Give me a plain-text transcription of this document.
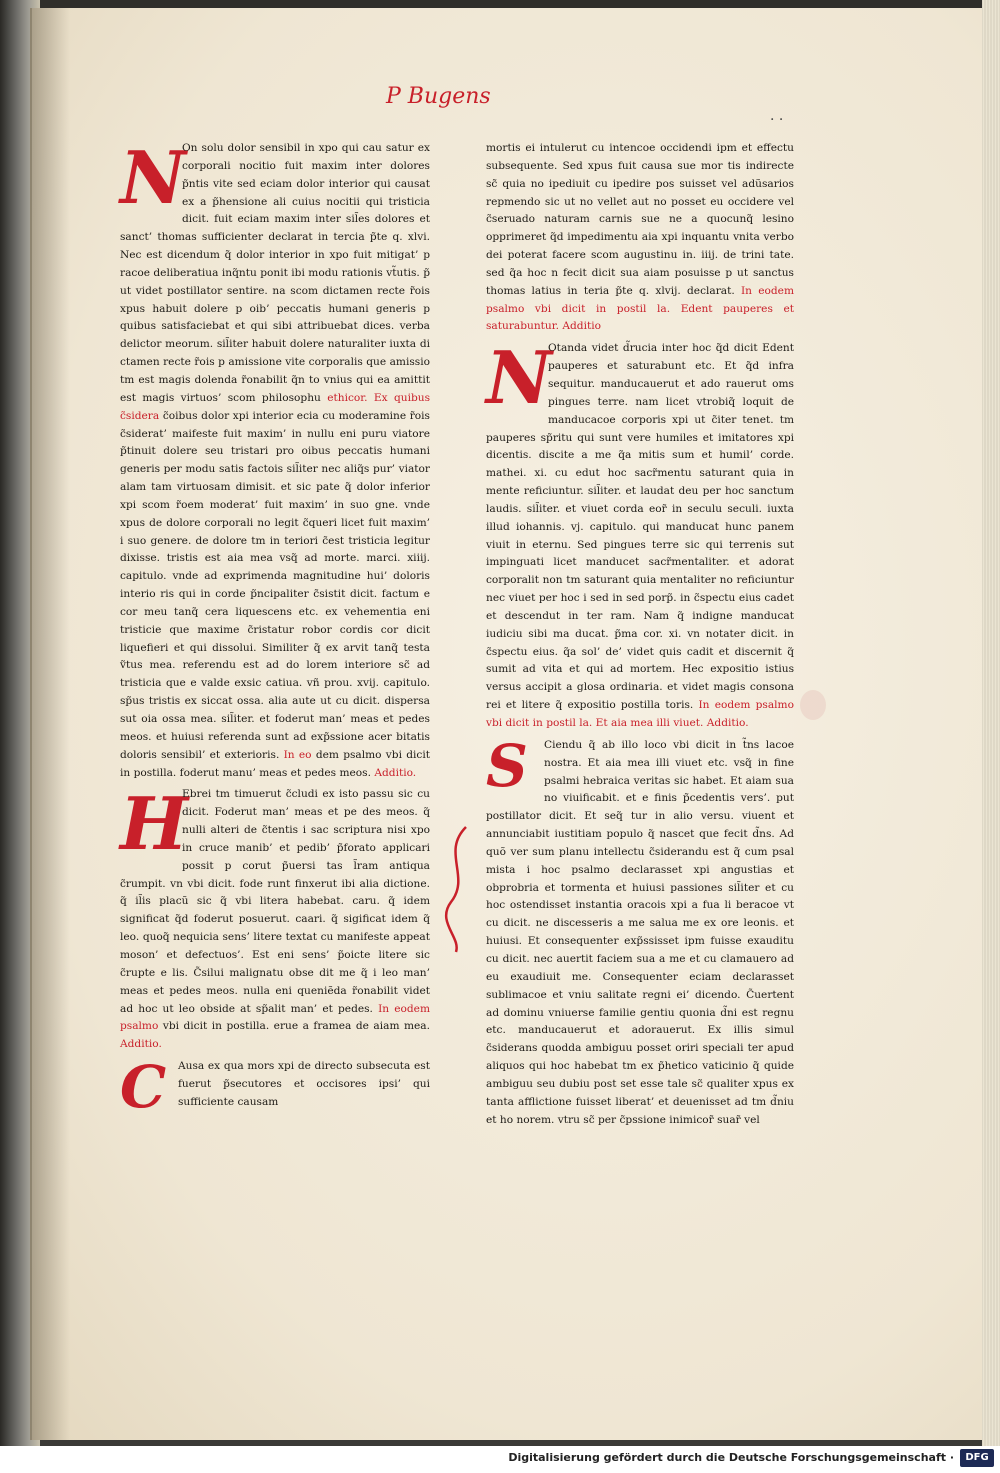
P Bugens
· ·

N
On solu dolor sensibil in xpo qui cau satur ex corporali nocitio fuit maxim inter dolores p̃ntis vite sed eciam dolor interior qui causat ex a p̃hensione ali cuius nocitii qui tristicia dicit. fuit eciam maxim inter sil̃es dolores et sanct’ thomas sufficienter declarat in tercia p̃te q. xlvi. Nec est dicendum q̃ dolor interior in xpo fuit mitigat’ p racoe deliberatiua inq̃ntu ponit ibi modu rationis vt̃utis. p̃ ut videt postillator sentire. na scom dictamen recte r̃ois xpus habuit dolere p oib’ peccatis humani generis p quibus satisfaciebat et qui sibi attribuebat dices. verba delictor meorum. sil̃iter habuit dolere naturaliter iuxta di ctamen recte r̃ois p amissione vite corporalis que amissio tm est magis dolenda r̃onabilit q̃n to vnius qui ea amittit est magis virtuos’ scom philosophu ethicor. Ex quibus c̃sidera c̃oibus dolor xpi interior ecia cu moderamine r̃ois c̃siderat’ maifeste fuit maxim’ in nullu eni puru viatore p̃tinuit dolere seu tristari pro oibus peccatis humani generis per modu satis factois sil̃iter nec aliq̃s pur’ viator alam tam virtuosam dimisit. et sic pate q̃ dolor inferior xpi scom r̃oem moderat’ fuit maxim’ in suo gne. vnde xpus de dolore corporali no legit c̃queri licet fuit maxim’ i suo genere. de dolore tm in teriori c̃est tristicia legitur dixisse. tristis est aia mea vsq̃ ad morte. marci. xiiij. capitulo. vnde ad exprimenda magnitudine hui’ doloris interio ris qui in corde p̃ncipaliter c̃sistit dicit. factum e cor meu tanq̃ cera liquescens etc. ex vehementia eni tristicie que maxime c̃ristatur robor cordis cor dicit liquefieri et qui dissolui. Similiter q̃ ex arvit tanq̃ testa ṽtus mea. referendu est ad do lorem interiore sc̃ ad tristicia que e valde exsic catiua. vñ prou. xvij. capitulo. sp̃us tristis ex siccat ossa. alia aute ut cu dicit. dispersa sut oia ossa mea. sil̃iter. et foderut man’ meas et pedes meos. et huiusi referenda sunt ad exp̃ssione acer bitatis doloris sensibil’ et exterioris. In eo dem psalmo vbi dicit in postilla. foderut manu’ meas et pedes meos. Additio.

H
Ebrei tm timuerut c̃cludi ex isto passu sic cu dicit. Foderut man’ meas et pe des meos. q̃ nulli alteri de c̃tentis i sac scriptura nisi xpo in cruce manib’ et pedib’ p̃forato applicari possit p corut p̃uersi tas l̃ram antiqua c̃rumpit. vn vbi dicit. fode runt finxerut ibi alia dictione. q̃ il̃is placũ sic q̃ vbi litera habebat. caru. q̃ idem significat q̃d foderut posuerut. caari. q̃ sigificat idem q̃ leo. quoq̃ nequicia sens’ litere textat cu manifeste appeat moson’ et defectuos’. Est eni sens’ p̃oicte litere sic c̃rupte e lis. C̃silui malignatu obse dit me q̃ i leo man’ meas et pedes meos. nulla eni queniẽda r̃onabilit videt ad hoc ut leo obside at sp̃alit man’ et pedes. In eodem psalmo vbi dicit in postilla. erue a framea de aiam mea. Additio.

C	Ausa ex qua mors xpi de directo subsecuta est fuerut p̃secutores et occisores ipsi’ qui sufficiente causam

mortis ei intulerut cu intencoe occidendi ipm et effectu subsequente. Sed xpus fuit causa sue mor tis indirecte sc̃ quia no ipediuit cu ipedire pos suisset vel adũsarios repmendo sic ut no vellet aut no posset eu occidere vel c̃seruado naturam carnis sue ne a quocunq̃ lesino opprimeret q̃d impedimentu aia xpi inquantu vnita verbo dei poterat facere scom augustinu in. iiij. de trini tate. sed q̃a hoc n fecit dicit sua aiam posuisse p ut sanctus thomas latius in teria p̃te q. xlvij. declarat. In eodem psalmo vbi dicit in postil la. Edent pauperes et saturabuntur. Additio

N
Otanda videt d̃rucia inter hoc q̃d dicit Edent pauperes et saturabunt etc. Et q̃d infra sequitur. manducauerut et ado rauerut oms pingues terre. nam licet vtrobiq̃ loquit de manducacoe corporis xpi ut c̃iter tenet. tm pauperes sp̃ritu qui sunt vere humiles et imitatores xpi dicentis. discite a me q̃a mitis sum et humil’ corde. mathei. xi. cu edut hoc sacr̃mentu saturant quia in mente reficiuntur. sil̃iter. et laudat deu per hoc sanctum laudis. sil̃iter. et viuet corda eor̃ in seculu seculi. iuxta illud iohannis. vj. capitulo. qui manducat hunc panem viuit in eternu. Sed pingues terre sic qui terrenis sut impinguati licet manducet sacr̃mentaliter. et adorat corporalit non tm saturant quia mentaliter no reficiuntur nec viuet per hoc i sed in sed porp̃. in c̃spectu eius cadet et descendut in ter ram. Nam q̃ indigne manducat iudiciu sibi ma ducat. p̃ma cor. xi. vn notater dicit. in c̃spectu eius. q̃a sol’ de’ videt quis cadit et discernit q̃ sumit ad vita et qui ad mortem. Hec expositio istius versus accipit a glosa ordinaria. et videt magis consona rei et litere q̃ expositio postilla toris. In eodem psalmo vbi dicit in postil la. Et aia mea illi viuet. Additio.

S	Ciendu q̃ ab illo loco vbi dicit in t̃ns lacoe nostra. Et aia mea illi viuet etc. vsq̃ in fine psalmi hebraica veritas sic habet. Et aiam sua no viuificabit. et e finis p̃cedentis vers’. put postillator dicit. Et seq̃ tur in alio versu. viuent et annunciabit iustitiam populo q̃ nascet que fecit d̃ns. Ad quõ ver sum planu intellectu c̃siderandu est q̃ cum psal mista i hoc psalmo declarasset xpi angustias et obprobria et tormenta et huiusi passiones sil̃iter et cu hoc ostendisset instantia oracois xpi a fua li beracoe vt cu dicit. ne discesseris a me salua me ex ore leonis. et huiusi. Et consequenter exp̃ssisset ipm fuisse exauditu cu dicit. nec auertit faciem sua a me et cu clamauero ad eu exaudiuit me. Consequenter eciam declarasset sublimacoe et vniu salitate regni ei’ dicendo. C̃uertent ad dominu vniuerse familie gentiu quonia d̃ni est regnu etc. manducauerut et adorauerut. Ex illis simul c̃siderans quodda ambiguu posset oriri speciali ter apud aliquos qui hoc habebat tm ex p̃hetico vaticinio q̃ quide ambiguu seu dubiu post set esse tale sc̃ qualiter xpus ex tanta afflictione fuisset liberat’ et deuenisset ad tm d̃niu et ho norem. vtru sc̃ per c̃pssione inimicor̃ suar̃ vel

Digitalisierung gefördert durch die Deutsche Forschungsgemeinschaft ·	DFG
